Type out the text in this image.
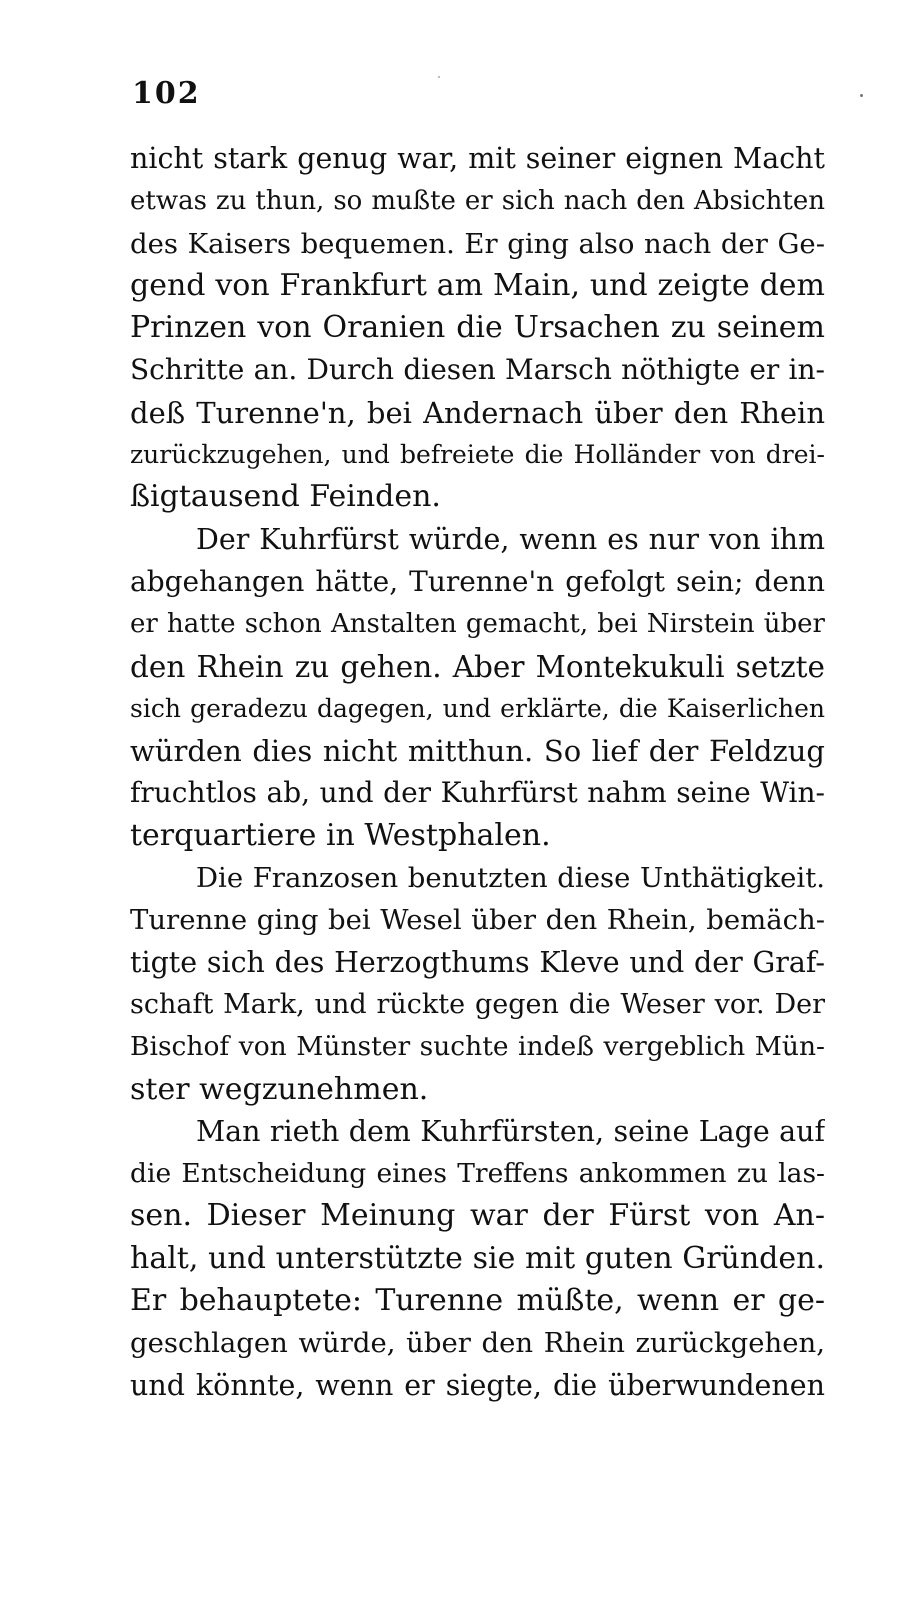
102
nicht stark genug war, mit seiner eignen Macht
etwas zu thun, so mußte er sich nach den Absichten
des Kaisers bequemen. Er ging also nach der Ge-
gend von Frankfurt am Main, und zeigte dem
Prinzen von Oranien die Ursachen zu seinem
Schritte an. Durch diesen Marsch nöthigte er in-
deß Turenne'n, bei Andernach über den Rhein
zurückzugehen, und befreiete die Holländer von drei-
ßigtausend Feinden.
Der Kuhrfürst würde, wenn es nur von ihm
abgehangen hätte, Turenne'n gefolgt sein; denn
er hatte schon Anstalten gemacht, bei Nirstein über
den Rhein zu gehen. Aber Montekukuli setzte
sich geradezu dagegen, und erklärte, die Kaiserlichen
würden dies nicht mitthun. So lief der Feldzug
fruchtlos ab, und der Kuhrfürst nahm seine Win-
terquartiere in Westphalen.
Die Franzosen benutzten diese Unthätigkeit.
Turenne ging bei Wesel über den Rhein, bemäch-
tigte sich des Herzogthums Kleve und der Graf-
schaft Mark, und rückte gegen die Weser vor. Der
Bischof von Münster suchte indeß vergeblich Mün-
ster wegzunehmen.
Man rieth dem Kuhrfürsten, seine Lage auf
die Entscheidung eines Treffens ankommen zu las-
sen. Dieser Meinung war der Fürst von An-
halt, und unterstützte sie mit guten Gründen.
Er behauptete: Turenne müßte, wenn er ge-
geschlagen würde, über den Rhein zurückgehen,
und könnte, wenn er siegte, die überwundenen
